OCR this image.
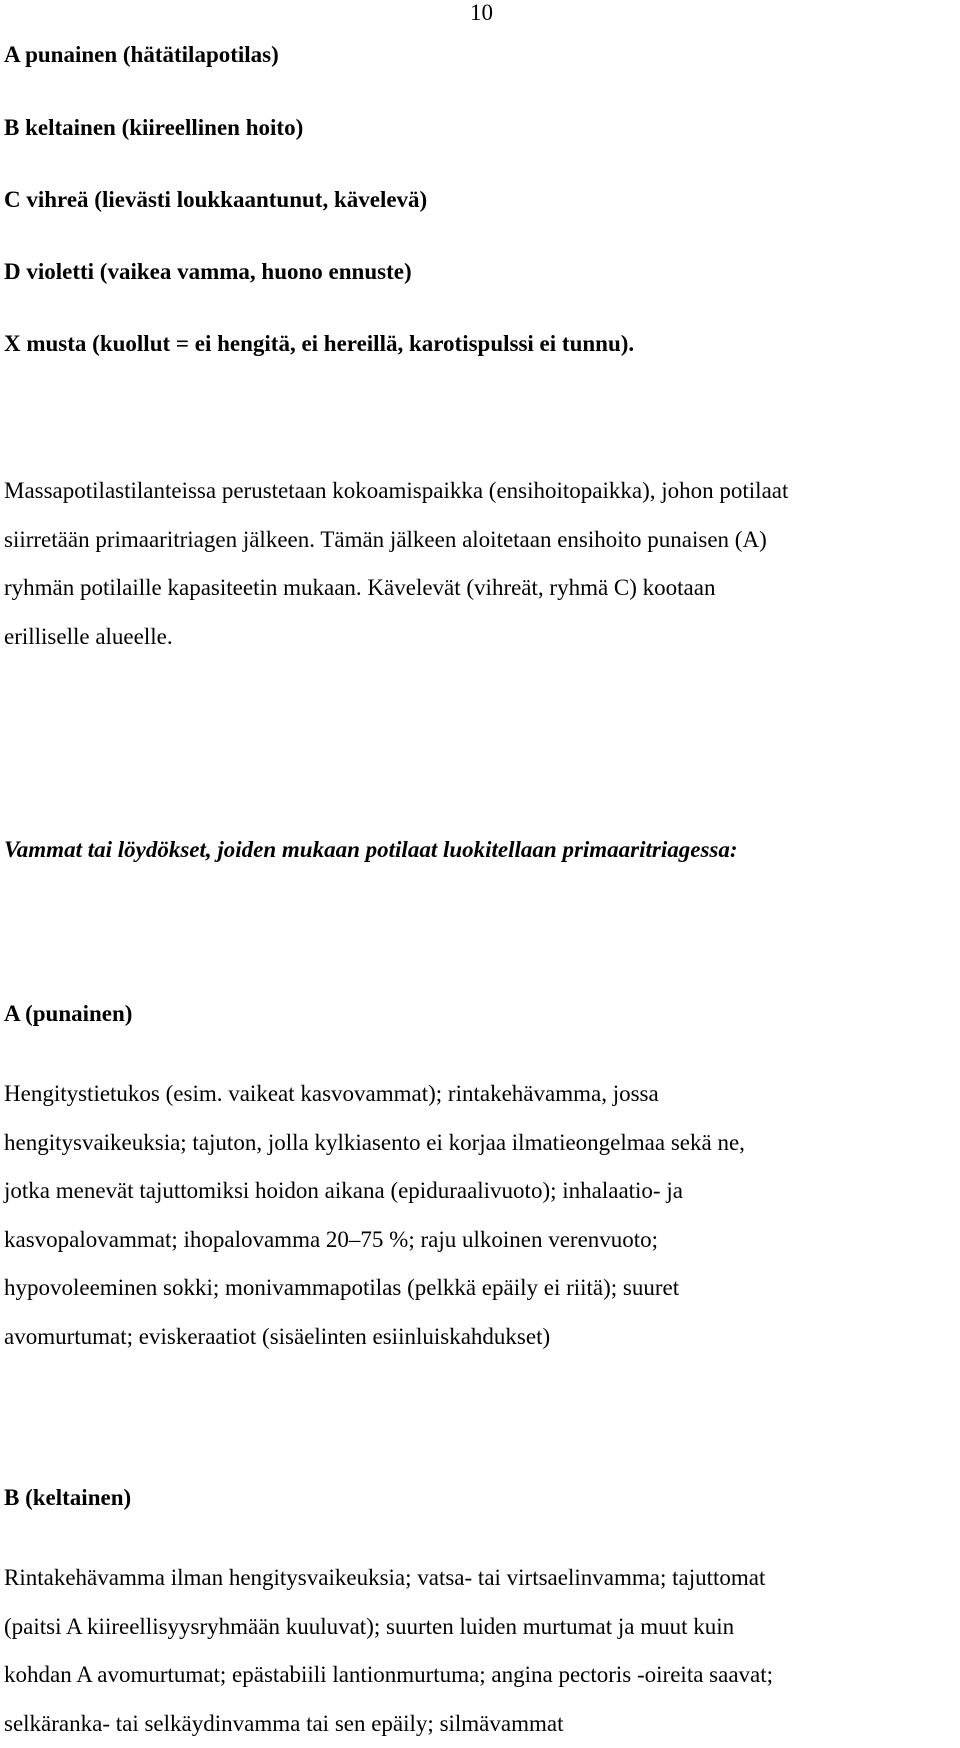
10
A punainen (hätätilapotilas)
B keltainen (kiireellinen hoito)
C vihreä (lievästi loukkaantunut, kävelevä)
D violetti (vaikea vamma, huono ennuste)
X musta (kuollut = ei hengitä, ei hereillä, karotispulssi ei tunnu).
Massapotilastilanteissa perustetaan kokoamispaikka (ensihoitopaikka), johon potilaat
siirretään primaaritriagen jälkeen. Tämän jälkeen aloitetaan ensihoito punaisen (A)
ryhmän potilaille kapasiteetin mukaan. Kävelevät (vihreät, ryhmä C) kootaan
erilliselle alueelle.
Vammat tai löydökset, joiden mukaan potilaat luokitellaan primaaritriagessa:
A (punainen)
Hengitystietukos (esim. vaikeat kasvovammat); rintakehävamma, jossa
hengitysvaikeuksia; tajuton, jolla kylkiasento ei korjaa ilmatieongelmaa sekä ne,
jotka menevät tajuttomiksi hoidon aikana (epiduraalivuoto); inhalaatio- ja
kasvopalovammat; ihopalovamma 20–75 %; raju ulkoinen verenvuoto;
hypovoleeminen sokki; monivammapotilas (pelkkä epäily ei riitä); suuret
avomurtumat; eviskeraatiot (sisäelinten esiinluiskahdukset)
B (keltainen)
Rintakehävamma ilman hengitysvaikeuksia; vatsa- tai virtsaelinvamma; tajuttomat
(paitsi A kiireellisyysryhmään kuuluvat); suurten luiden murtumat ja muut kuin
kohdan A avomurtumat; epästabiili lantionmurtuma; angina pectoris -oireita saavat;
selkäranka- tai selkäydinvamma tai sen epäily; silmävammat
